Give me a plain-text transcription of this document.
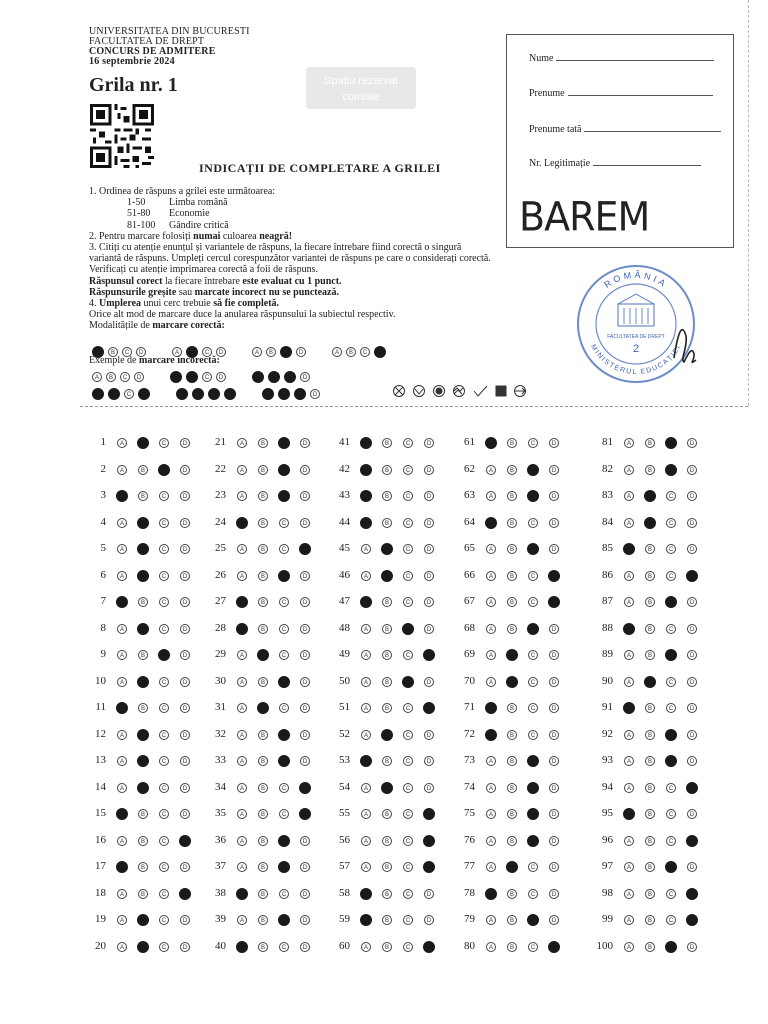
UNIVERSITATEA DIN BUCURESTI
FACULTATEA DE DREPT
CONCURS DE ADMITERE
16 septembrie 2024
Grila nr. 1	Spațiu rezervat
comisie
Nume
Prenume
Prenume tată
Nr. Legitimație
BAREM
ROMÂNIA
MINISTERUL EDUCAȚIEI
FACULTATEA DE DREPT
2
INDICAȚII DE COMPLETARE A GRILEI
1. Ordinea de răspuns a grilei este următoarea:
1-50 Limba română
51-80 Economie
81-100 Gândire critică
2. Pentru marcare folosiți numai culoarea neagră!
3. Citiți cu atenție enunțul și variantele de răspuns, la fiecare întrebare fiind corectă o singură variantă de răspuns. Umpleți cercul corespunzător variantei de răspuns pe care o considerați corectă. Verificați cu atenție imprimarea corectă a foii de răspuns.
Răspunsul corect la fiecare întrebare este evaluat cu 1 punct.
Răspunsurile greșite sau marcate incorect nu se punctează.
4. Umplerea unui cerc trebuie să fie completă.
Orice alt mod de marcare duce la anularea răspunsului la subiectul respectiv.
Modalitățile de marcare corectă:
B C D	A	C D	A B	D	A B C
Exemple de marcare incorectă:
A B C D	C D	D
C	D
1	A	C	D
2	A	B	D
3	B	C	D
4	A	C	D
5	A	C	D
6	A	C	D
7	B	C	D
8	A	C	D
9	A	B	D
10	A	C	D
11	B	C	D
12	A	C	D
13	A	C	D
14	A	C	D
15	B	C	D
16	A	B	C
17	B	C	D
18	A	B	C
19	A	C	D
20	A	C	D
21	A	B	D
22	A	B	D
23	A	B	D
24	B	C	D
25	A	B	C
26	A	B	D
27	B	C	D
28	B	C	D
29	A	C	D
30	A	B	D
31	A	C	D
32	A	B	D
33	A	B	D
34	A	B	C
35	A	B	C
36	A	B	D
37	A	B	D
38	B	C	D
39	A	B	D
40	B	C	D
41	B	C	D
42	B	C	D
43	B	C	D
44	B	C	D
45	A	C	D
46	A	C	D
47	B	C	D
48	A	B	D
49	A	B	C
50	A	B	D
51	A	B	C
52	A	C	D
53	B	C	D
54	A	C	D
55	A	B	C
56	A	B	C
57	A	B	C
58	B	C	D
59	B	C	D
60	A	B	C
61	B	C	D
62	A	B	D
63	A	B	D
64	B	C	D
65	A	B	D
66	A	B	C
67	A	B	C
68	A	B	D
69	A	C	D
70	A	C	D
71	B	C	D
72	B	C	D
73	A	B	D
74	A	B	D
75	A	B	D
76	A	B	D
77	A	C	D
78	B	C	D
79	A	B	D
80	A	B	C
81	A	B	D
82	A	B	D
83	A	C	D
84	A	C	D
85	B	C	D
86	A	B	C
87	A	B	D
88	B	C	D
89	A	B	D
90	A	C	D
91	B	C	D
92	A	B	D
93	A	B	D
94	A	B	C
95	B	C	D
96	A	B	C
97	A	B	D
98	A	B	C
99	A	B	C
100	A	B	D
